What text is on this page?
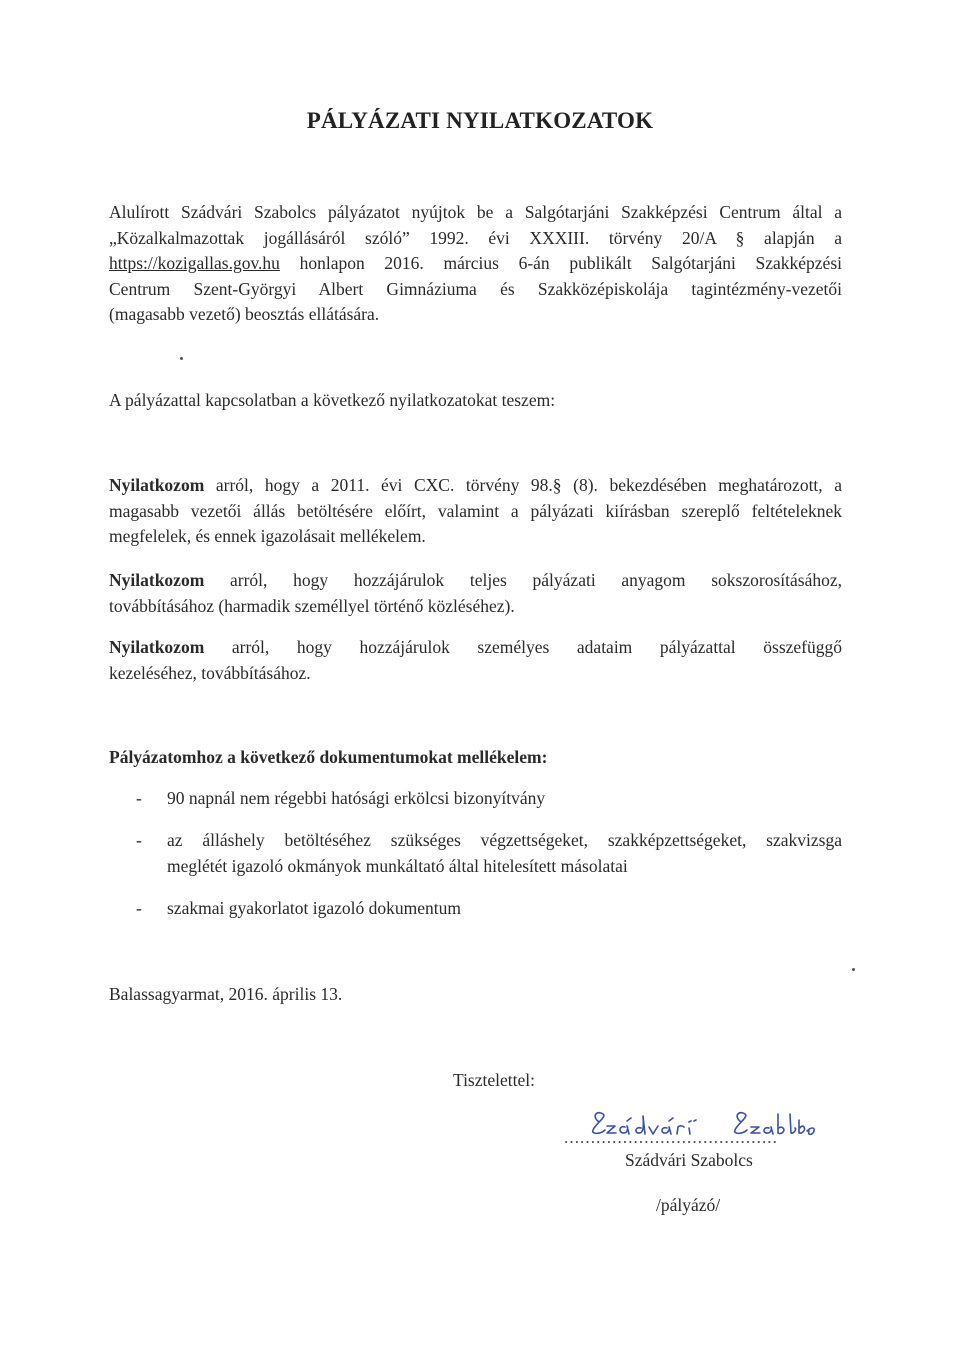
PÁLYÁZATI NYILATKOZATOK
Alulírott Szádvári Szabolcs pályázatot nyújtok be a Salgótarjáni Szakképzési Centrum által a
„Közalkalmazottak jogállásáról szóló” 1992. évi XXXIII. törvény 20/A § alapján a
https://kozigallas.gov.hu honlapon 2016. március 6-án publikált Salgótarjáni Szakképzési
Centrum Szent-Györgyi Albert Gimnáziuma és Szakközépiskolája tagintézmény-vezetői
(magasabb vezető) beosztás ellátására.
A pályázattal kapcsolatban a következő nyilatkozatokat teszem:
Nyilatkozom arról, hogy a 2011. évi CXC. törvény 98.§ (8). bekezdésében meghatározott, a
magasabb vezetői állás betöltésére előírt, valamint a pályázati kiírásban szereplő feltételeknek
megfelelek, és ennek igazolásait mellékelem.
Nyilatkozom arról, hogy hozzájárulok teljes pályázati anyagom sokszorosításához,
továbbításához (harmadik személlyel történő közléséhez).
Nyilatkozom arról, hogy hozzájárulok személyes adataim pályázattal összefüggő
kezeléséhez, továbbításához.
Pályázatomhoz a következő dokumentumokat mellékelem:
- 90 napnál nem régebbi hatósági erkölcsi bizonyítvány
- az álláshely betöltéséhez szükséges végzettségeket, szakképzettségeket, szakvizsga
meglétét igazoló okmányok munkáltató által hitelesített másolatai
- szakmai gyakorlatot igazoló dokumentum
Balassagyarmat, 2016. április 13.
Tisztelettel:
........................................
Szádvári Szabolcs
/pályázó/
